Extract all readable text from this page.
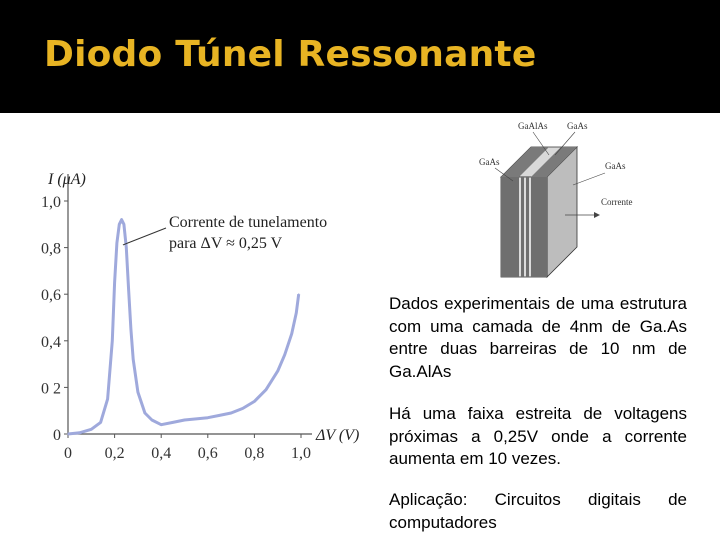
Diodo Túnel Ressonante
0
0 2
0,4
0,6
0,8
1,0
0 0,2 0,4 0,6 0,8 1,0
I (μA)
ΔV (V)
Corrente de tunelamento
para ΔV ≈ 0,25 V
GaAlAs GaAs
GaAs	GaAs
Corrente
Dados experimentais de uma estrutura com uma camada de 4nm de Ga.As entre duas barreiras de 10 nm de Ga.AlAs
Há uma faixa estreita de voltagens próximas a 0,25V onde a corrente aumenta em 10 vezes.
Aplicação: Circuitos digitais de computadores
